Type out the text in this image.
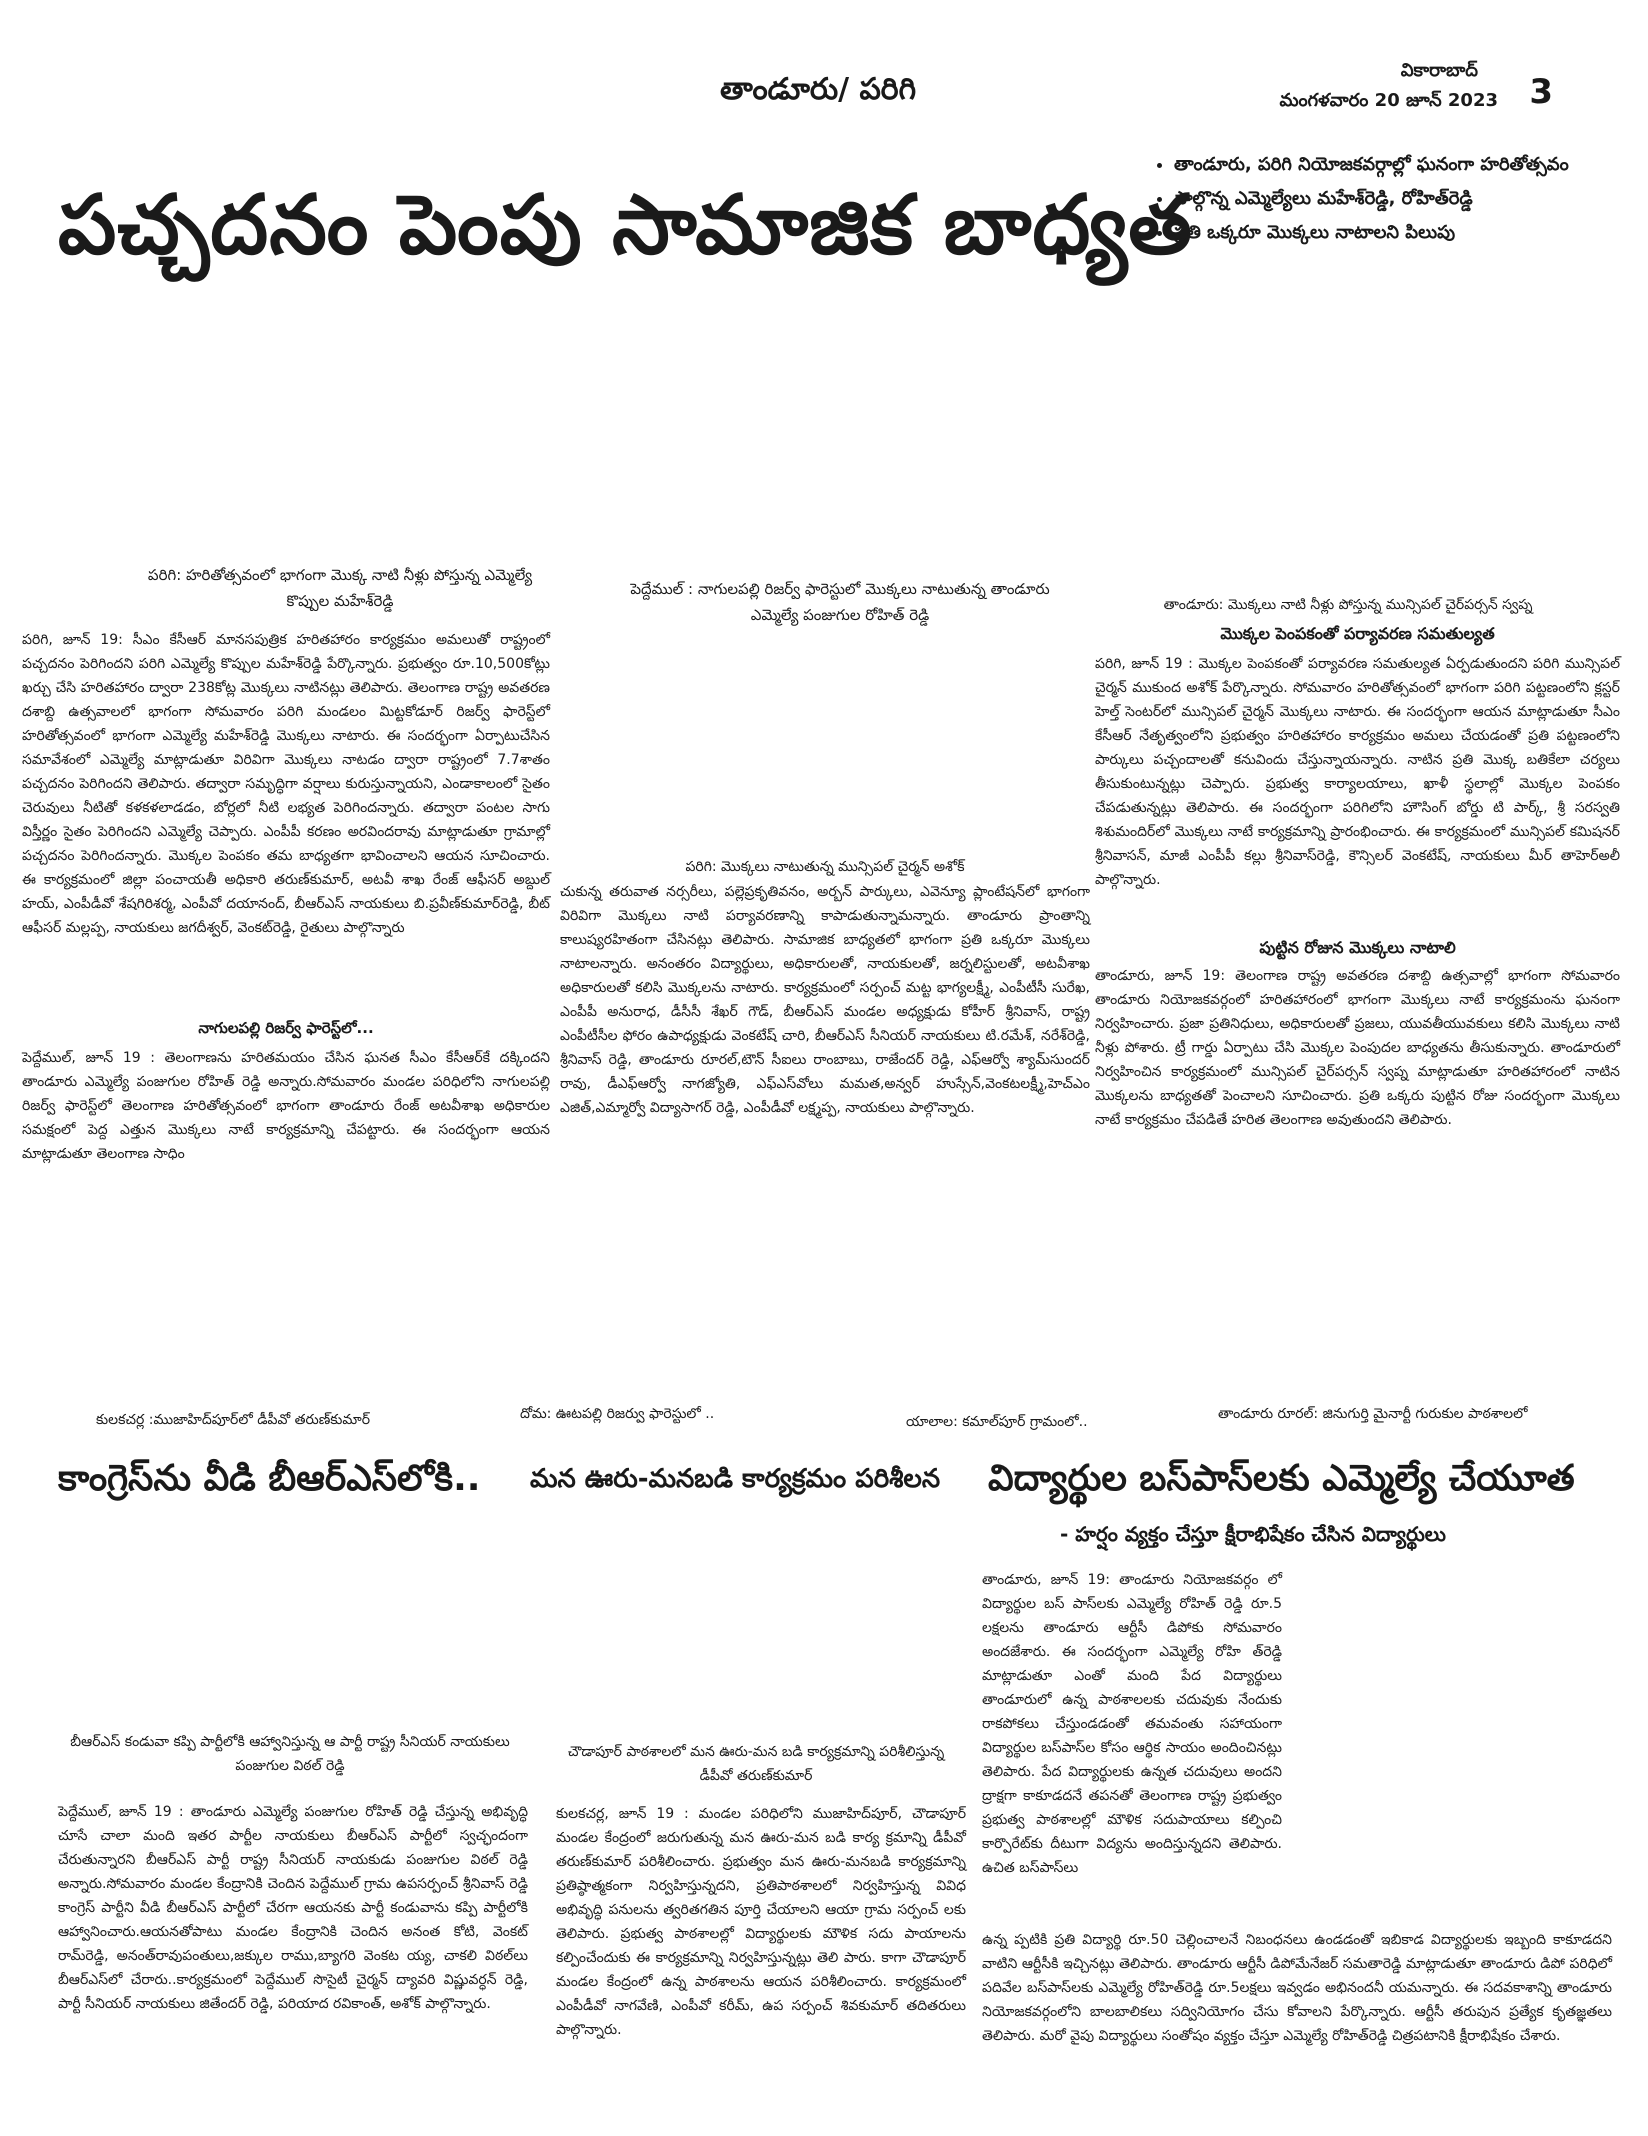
తాండూరు/ పరిగి
వికారాబాద్
మంగళవారం 20 జూన్ 2023 3
పచ్చదనం పెంపు సామాజిక బాధ్యత
• తాండూరు, పరిగి నియోజకవర్గాల్లో ఘనంగా హరితోత్సవం
• పాల్గొన్న ఎమ్మెల్యేలు మహేశ్‌రెడ్డి, రోహిత్‌రెడ్డి
• ప్రతి ఒక్కరూ మొక్కలు నాటాలని పిలుపు
పరిగి: హరితోత్సవంలో భాగంగా మొక్క నాటి నీళ్లు పోస్తున్న ఎమ్మెల్యే కొప్పుల మహేశ్‌రెడ్డి
పెద్దేముల్ : నాగులపల్లి రిజర్వ్ ఫారెస్టులో మొక్కలు నాటుతున్న తాండూరు ఎమ్మెల్యే పంజుగుల రోహిత్ రెడ్డి
తాండూరు: మొక్కలు నాటి నీళ్లు పోస్తున్న మున్సిపల్ చైర్‌పర్సన్ స్వప్న
పరిగి, జూన్ 19: సీఎం కేసీఆర్ మానసపుత్రిక హరితహారం కార్యక్రమం అమలుతో రాష్ట్రంలో పచ్చదనం పెరిగిందని పరిగి ఎమ్మెల్యే కొప్పుల మహేశ్‌రెడ్డి పేర్కొన్నారు. ప్రభుత్వం రూ.10,500కోట్లు ఖర్చు చేసి హరితహారం ద్వారా 238కోట్ల మొక్కలు నాటినట్లు తెలిపారు. తెలంగాణ రాష్ట్ర అవతరణ దశాబ్ది ఉత్సవాలలో భాగంగా సోమవారం పరిగి మండలం మిట్టకోడూర్ రిజర్వ్ ఫారెస్ట్‌లో హరితోత్సవంలో భాగంగా ఎమ్మెల్యే మహేశ్‌రెడ్డి మొక్కలు నాటారు. ఈ సందర్భంగా ఏర్పాటుచేసిన సమావేశంలో ఎమ్మెల్యే మాట్లాడుతూ విరివిగా మొక్కలు నాటడం ద్వారా రాష్ట్రంలో 7.7శాతం పచ్చదనం పెరిగిందని తెలిపారు. తద్వారా సమృద్ధిగా వర్షాలు కురుస్తున్నాయని, ఎండాకాలంలో సైతం చెరువులు నీటితో కళకళలాడడం, బోర్లలో నీటి లభ్యత పెరిగిందన్నారు. తద్వారా పంటల సాగు విస్తీర్ణం సైతం పెరిగిందని ఎమ్మెల్యే చెప్పారు. ఎంపీపీ కరణం అరవిందరావు మాట్లాడుతూ గ్రామాల్లో పచ్చదనం పెరిగిందన్నారు. మొక్కల పెంపకం తమ బాధ్యతగా భావించాలని ఆయన సూచించారు. ఈ కార్యక్రమంలో జిల్లా పంచాయతీ అధికారి తరుణ్‌కుమార్, అటవీ శాఖ రేంజ్ ఆఫీసర్ అబ్దుల్ హయ్, ఎంపీడీవో శేషగిరిశర్మ, ఎంపీవో దయానంద్, బీఆర్‌ఎస్ నాయకులు బి.ప్రవీణ్‌కుమార్‌రెడ్డి, బీట్ ఆఫీసర్ మల్లప్ప, నాయకులు జగదీశ్వర్, వెంకట్‌రెడ్డి, రైతులు పాల్గొన్నారు
నాగులపల్లి రిజర్వ్ ఫారెస్ట్‌లో...
పెద్దేముల్, జూన్ 19 : తెలంగాణను హరితమయం చేసిన ఘనత సీఎం కేసీఆర్‌కే దక్కిందని తాండూరు ఎమ్మెల్యే పంజుగుల రోహిత్ రెడ్డి అన్నారు.సోమవారం మండల పరిధిలోని నాగులపల్లి రిజర్వ్ ఫారెస్ట్‌లో తెలంగాణ హరితోత్సవంలో భాగంగా తాండూరు రేంజ్ అటవీశాఖ అధికారుల సమక్షంలో పెద్ద ఎత్తున మొక్కలు నాటే కార్యక్రమాన్ని చేపట్టారు. ఈ సందర్భంగా ఆయన మాట్లాడుతూ తెలంగాణ సాధిం
పరిగి: మొక్కలు నాటుతున్న మున్సిపల్ చైర్మన్ అశోక్
చుకున్న తరువాత నర్సరీలు, పల్లెప్రకృతివనం, అర్బన్ పార్కులు, ఎవెన్యూ ప్లాంటేషన్‌లో భాగంగా విరివిగా మొక్కలు నాటి పర్యావరణాన్ని కాపాడుతున్నామన్నారు. తాండూరు ప్రాంతాన్ని కాలుష్యరహితంగా చేసినట్లు తెలిపారు. సామాజిక బాధ్యతలో భాగంగా ప్రతి ఒక్కరూ మొక్కలు నాటాలన్నారు. అనంతరం విద్యార్థులు, అధికారులతో, నాయకులతో, జర్నలిస్టులతో, అటవీశాఖ అధికారులతో కలిసి మొక్కలను నాటారు. కార్యక్రమంలో సర్పంచ్ మట్ట భాగ్యలక్ష్మీ, ఎంపీటీసీ సురేఖ, ఎంపీపీ అనురాధ, డీసీసీ శేఖర్ గౌడ్, బీఆర్‌ఎస్ మండల అధ్యక్షుడు కోహీర్ శ్రీనివాస్, రాష్ట్ర ఎంపీటీసీల ఫోరం ఉపాధ్యక్షుడు వెంకటేష్ చారి, బీఆర్‌ఎస్ సీనియర్ నాయకులు టి.రమేశ్, నరేశ్‌రెడ్డి, శ్రీనివాస్ రెడ్డి, తాండూరు రూరల్,టౌన్ సీఐలు రాంబాబు, రాజేందర్ రెడ్డి, ఎఫ్‌ఆర్వో శ్యామ్‌సుందర్ రావు, డీఎఫ్‌ఆర్వో నాగజ్యోతి, ఎఫ్‌ఎస్‌వోలు మమత,అన్వర్ హుస్సేన్,వెంకటలక్ష్మీ,హెచ్‌ఎం ఎజిత్,ఎమ్మార్వో విద్యాసాగర్ రెడ్డి, ఎంపీడీవో లక్ష్మప్ప, నాయకులు పాల్గొన్నారు.
మొక్కల పెంపకంతో పర్యావరణ సమతుల్యత
పరిగి, జూన్ 19 : మొక్కల పెంపకంతో పర్యావరణ సమతుల్యత ఏర్పడుతుందని పరిగి మున్సిపల్ చైర్మన్ ముకుంద అశోక్ పేర్కొన్నారు. సోమవారం హరితోత్సవంలో భాగంగా పరిగి పట్టణంలోని క్లస్టర్ హెల్త్ సెంటర్‌లో మున్సిపల్ చైర్మన్ మొక్కలు నాటారు. ఈ సందర్భంగా ఆయన మాట్లాడుతూ సీఎం కేసీఆర్ నేతృత్వంలోని ప్రభుత్వం హరితహారం కార్యక్రమం అమలు చేయడంతో ప్రతి పట్టణంలోని పార్కులు పచ్చందాలతో కనువిందు చేస్తున్నాయన్నారు. నాటిన ప్రతి మొక్క బతికేలా చర్యలు తీసుకుంటున్నట్లు చెప్పారు. ప్రభుత్వ కార్యాలయాలు, ఖాళీ స్థలాల్లో మొక్కల పెంపకం చేపడుతున్నట్లు తెలిపారు. ఈ సందర్భంగా పరిగిలోని హౌసింగ్ బోర్డు టి పార్క్, శ్రీ సరస్వతి శిశుమందిర్‌లో మొక్కలు నాటే కార్యక్రమాన్ని ప్రారంభించారు. ఈ కార్యక్రమంలో మున్సిపల్ కమిషనర్ శ్రీనివాసన్, మాజీ ఎంపీపీ కల్లు శ్రీనివాస్‌రెడ్డి, కౌన్సిలర్ వెంకటేష్, నాయకులు మీర్ తాహెర్‌అలీ పాల్గొన్నారు.
పుట్టిన రోజున మొక్కలు నాటాలి
తాండూరు, జూన్ 19: తెలంగాణ రాష్ట్ర అవతరణ దశాబ్ది ఉత్సవాల్లో భాగంగా సోమవారం తాండూరు నియోజకవర్గంలో హరితహారంలో భాగంగా మొక్కలు నాటే కార్యక్రమంను ఘనంగా నిర్వహించారు. ప్రజా ప్రతినిధులు, అధికారులతో ప్రజలు, యువతీయువకులు కలిసి మొక్కలు నాటి నీళ్లు పోశారు. ట్రీ గార్డు ఏర్పాటు చేసి మొక్కల పెంపుదల బాధ్యతను తీసుకున్నారు. తాండూరులో నిర్వహించిన కార్యక్రమంలో మున్సిపల్ చైర్‌పర్సన్ స్వప్న మాట్లాడుతూ హరితహారంలో నాటిన మొక్కలను బాధ్యతతో పెంచాలని సూచించారు. ప్రతి ఒక్కరు పుట్టిన రోజు సందర్భంగా మొక్కలు నాటే కార్యక్రమం చేపడితే హరిత తెలంగాణ అవుతుందని తెలిపారు.
కులకచర్ల :ముజాహిద్‌పూర్‌లో డీపీవో తరుణ్‌కుమార్	దోమ: ఊటపల్లి రిజర్వు ఫారెస్టులో ..	యాలాల: కమాల్‌పూర్ గ్రామంలో..	తాండూరు రూరల్: జినుగుర్తి మైనార్టీ గురుకుల పాఠశాలలో
కాంగ్రెస్‌ను వీడి బీఆర్‌ఎస్‌లోకి..
బీఆర్‌ఎస్ కండువా కప్పి పార్టీలోకి ఆహ్వానిస్తున్న ఆ పార్టీ రాష్ట్ర సీనియర్ నాయకులు పంజుగుల విఠల్ రెడ్డి
పెద్దేముల్, జూన్ 19 : తాండూరు ఎమ్మెల్యే పంజుగుల రోహిత్ రెడ్డి చేస్తున్న అభివృద్ధి చూసే చాలా మంది ఇతర పార్టీల నాయకులు బీఆర్‌ఎస్ పార్టీలో స్వచ్ఛందంగా చేరుతున్నారని బీఆర్‌ఎస్ పార్టీ రాష్ట్ర సీనియర్ నాయకుడు పంజుగుల విఠల్ రెడ్డి అన్నారు.సోమవారం మండల కేంద్రానికి చెందిన పెద్దేముల్ గ్రామ ఉపసర్పంచ్ శ్రీనివాస్ రెడ్డి కాంగ్రెస్ పార్టీని వీడి బీఆర్‌ఎస్ పార్టీలో చేరగా ఆయనకు పార్టీ కండువాను కప్పి పార్టీలోకి ఆహ్వానించారు.ఆయనతోపాటు మండల కేంద్రానికి చెందిన అనంత కోటి, వెంకట్ రామ్‌రెడ్డి, అనంత్‌రావుపంతులు,జక్కుల రాము,బ్యాగరి వెంకట య్య, చాకలి విఠల్‌లు బీఆర్‌ఎస్‌లో చేరారు..కార్యక్రమంలో పెద్దేముల్ సొసైటీ చైర్మన్ ద్యావరి విష్ణువర్ధన్ రెడ్డి, పార్టీ సీనియర్ నాయకులు జితేందర్ రెడ్డి, పరియాద రవికాంత్, అశోక్ పాల్గొన్నారు.
మన ఊరు-మనబడి కార్యక్రమం పరిశీలన
చౌడాపూర్ పాఠశాలలో మన ఊరు-మన బడి కార్యక్రమాన్ని పరిశీలిస్తున్న డీపీవో తరుణ్‌కుమార్
కులకచర్ల, జూన్ 19 : మండల పరిధిలోని ముజాహిద్‌పూర్, చౌడాపూర్ మండల కేంద్రంలో జరుగుతున్న మన ఊరు-మన బడి కార్య క్రమాన్ని డీపీవో తరుణ్‌కుమార్ పరిశీలించారు. ప్రభుత్వం మన ఊరు-మనబడి కార్యక్రమాన్ని ప్రతిష్ఠాత్మకంగా నిర్వహిస్తున్నదని, ప్రతిపాఠశాలలో నిర్వహిస్తున్న వివిధ అభివృద్ధి పనులను త్వరితగతిన పూర్తి చేయాలని ఆయా గ్రామ సర్పంచ్ లకు తెలిపారు. ప్రభుత్వ పాఠశాలల్లో విద్యార్థులకు మౌళిక సదు పాయాలను కల్పించేందుకు ఈ కార్యక్రమాన్ని నిర్వహిస్తున్నట్లు తెలి పారు. కాగా చౌడాపూర్ మండల కేంద్రంలో ఉన్న పాఠశాలను ఆయన పరిశీలించారు. కార్యక్రమంలో ఎంపీడీవో నాగవేణి, ఎంపీవో కరీమ్, ఉప సర్పంచ్ శివకుమార్ తదితరులు పాల్గొన్నారు.
విద్యార్థుల బస్‌పాస్‌లకు ఎమ్మెల్యే చేయూత
- హర్షం వ్యక్తం చేస్తూ క్షీరాభిషేకం చేసిన విద్యార్థులు
తాండూరు, జూన్ 19: తాండూరు నియోజకవర్గం లో విద్యార్థుల బస్ పాస్‌లకు ఎమ్మెల్యే రోహిత్ రెడ్డి రూ.5 లక్షలను తాండూరు ఆర్టీసీ డిపోకు సోమవారం అందజేశారు. ఈ సందర్భంగా ఎమ్మెల్యే రోహి త్‌రెడ్డి మాట్లాడుతూ ఎంతో మంది పేద విద్యార్థులు తాండూరులో ఉన్న పాఠశాలలకు చదువుకు నేందుకు రాకపోకలు చేస్తుండడంతో తమవంతు సహాయంగా విద్యార్థుల బస్‌పాస్‌ల కోసం ఆర్థిక సాయం అందించినట్లు తెలిపారు. పేద విద్యార్థులకు ఉన్నత చదువులు అందని ద్రాక్షగా కాకూడదనే తపనతో తెలంగాణ రాష్ట్ర ప్రభుత్వం ప్రభుత్వ పాఠశాలల్లో మౌళిక సదుపాయాలు కల్పించి కార్పొరేట్‌కు దీటుగా విద్యను అందిస్తున్నదని తెలిపారు. ఉచిత బస్‌పాస్‌లు
ఉన్న ప్పటికి ప్రతి విద్యార్థి రూ.50 చెల్లించాలనే నిబంధనలు ఉండడంతో ఇబికాడ విద్యార్థులకు ఇబ్బంది కాకూడదని వాటిని ఆర్టీసీకి ఇచ్చినట్లు తెలిపారు. తాండూరు ఆర్టీసీ డిపోమేనేజర్ సమతారెడ్డి మాట్లాడుతూ తాండూరు డిపో పరిధిలో పదివేల బస్‌పాస్‌లకు ఎమ్మెల్యే రోహిత్‌రెడ్డి రూ.5లక్షలు ఇవ్వడం అభినందనీ యమన్నారు. ఈ సదవకాశాన్ని తాండూరు నియోజకవర్గంలోని బాలబాలికలు సద్వినియోగం చేసు కోవాలని పేర్కొన్నారు. ఆర్టీసీ తరుపున ప్రత్యేక కృతజ్ఞతలు తెలిపారు. మరో వైపు విద్యార్థులు సంతోషం వ్యక్తం చేస్తూ ఎమ్మెల్యే రోహిత్‌రెడ్డి చిత్రపటానికి క్షీరాభిషేకం చేశారు.
